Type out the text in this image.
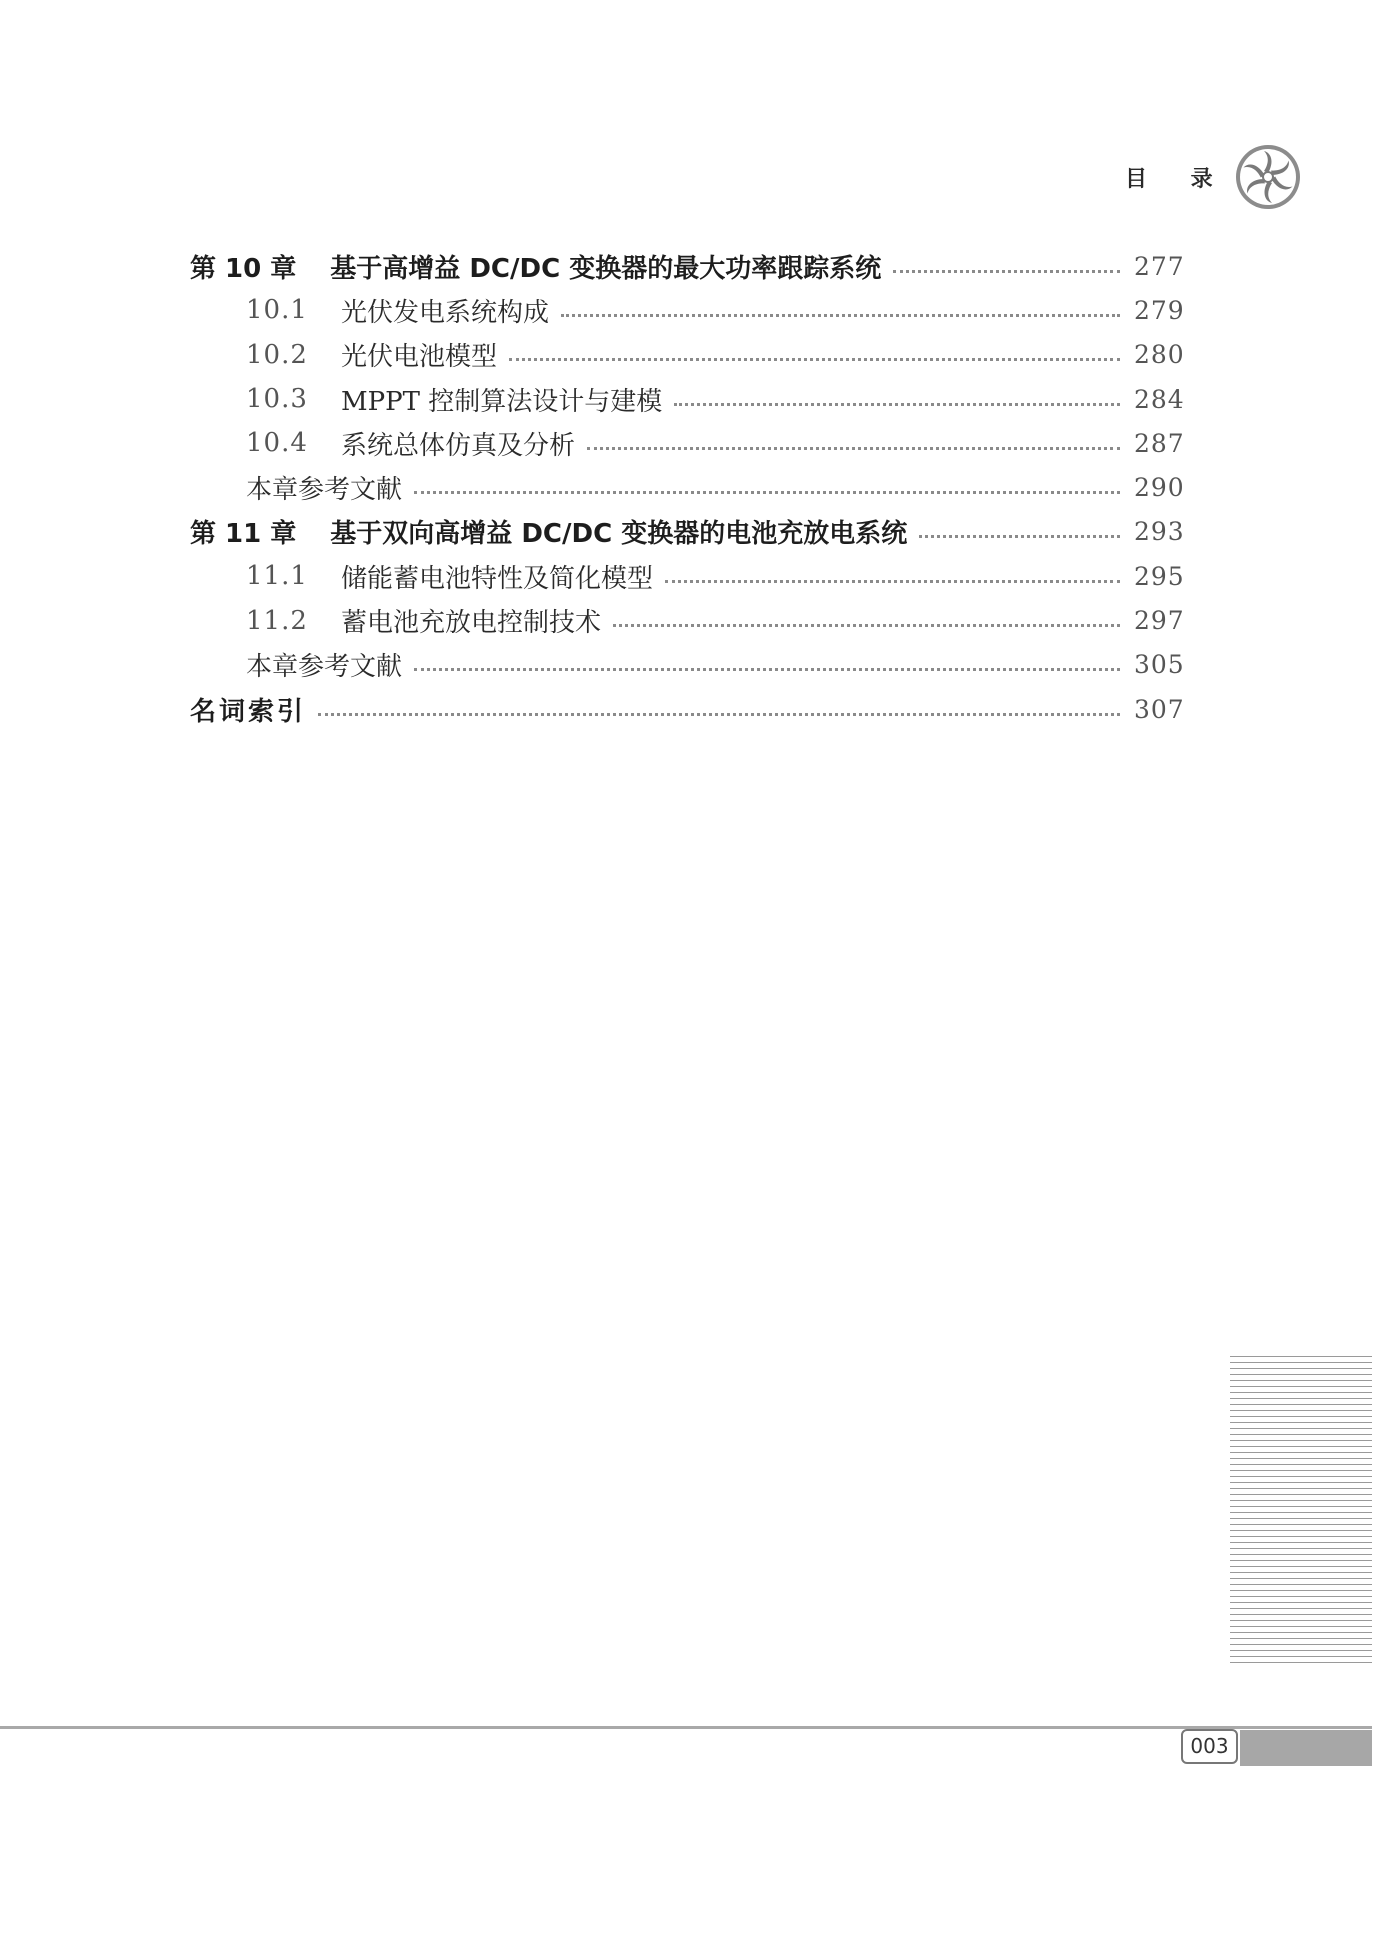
目 录
第 10 章 基于高增益 DC/DC 变换器的最大功率跟踪系统	277
10.1	光伏发电系统构成	279
10.2	光伏电池模型	280
10.3	MPPT 控制算法设计与建模	284
10.4	系统总体仿真及分析	287
本章参考文献	290
第 11 章 基于双向高增益 DC/DC 变换器的电池充放电系统	293
11.1	储能蓄电池特性及简化模型	295
11.2	蓄电池充放电控制技术	297
本章参考文献	305
名词索引	307
003
